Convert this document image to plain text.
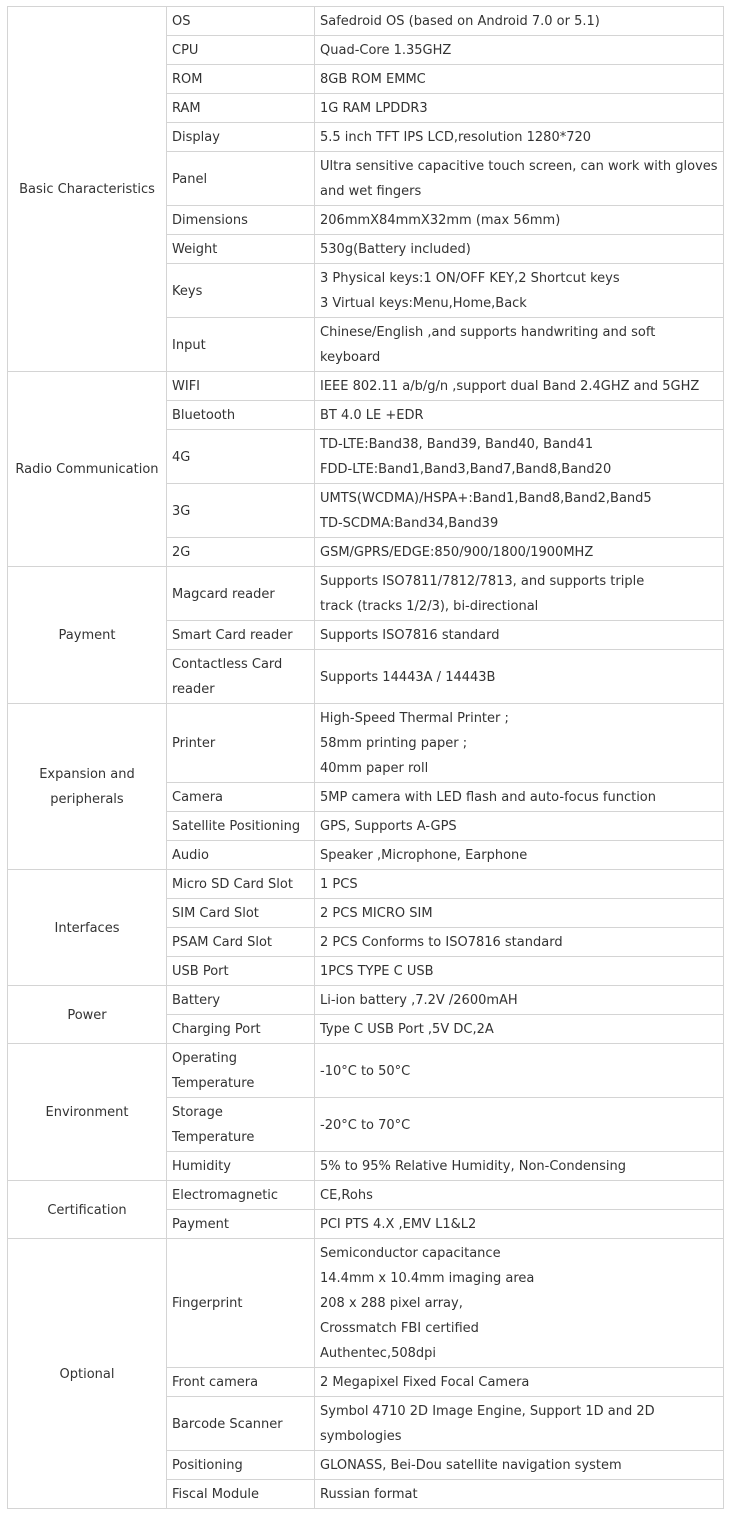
Basic Characteristics	OS	Safedroid OS (based on Android 7.0 or 5.1)

	CPU	Quad-Core 1.35GHZ

	ROM	8GB ROM EMMC

	RAM	1G RAM LPDDR3

	Display	5.5 inch TFT IPS LCD,resolution 1280*720

	Panel	Ultra sensitive capacitive touch screen, can work with gloves
and wet fingers

	Dimensions	206mmX84mmX32mm (max 56mm)

	Weight	530g(Battery included)

	Keys	3 Physical keys:1 ON/OFF KEY,2 Shortcut keys
3 Virtual keys:Menu,Home,Back

	Input	Chinese/English ,and supports handwriting and soft
keyboard

Radio Communication	WIFI	IEEE 802.11 a/b/g/n ,support dual Band 2.4GHZ and 5GHZ

	Bluetooth	BT 4.0 LE +EDR

	4G	TD-LTE:Band38, Band39, Band40, Band41
FDD-LTE:Band1,Band3,Band7,Band8,Band20

	3G	UMTS(WCDMA)/HSPA+:Band1,Band8,Band2,Band5
TD-SCDMA:Band34,Band39

	2G	GSM/GPRS/EDGE:850/900/1800/1900MHZ

Payment	Magcard reader	Supports ISO7811/7812/7813, and supports triple
track (tracks 1/2/3), bi-directional

	Smart Card reader	Supports ISO7816 standard

	Contactless Card reader	Supports 14443A / 14443B

Expansion and peripherals	Printer	High-Speed Thermal Printer ;
58mm printing paper ;
40mm paper roll

	Camera	5MP camera with LED flash and auto-focus function

	Satellite Positioning	GPS, Supports A-GPS

	Audio	Speaker ,Microphone, Earphone

Interfaces	Micro SD Card Slot	1 PCS

	SIM Card Slot	2 PCS MICRO SIM

	PSAM Card Slot	2 PCS Conforms to ISO7816 standard

	USB Port	1PCS TYPE C USB

Power	Battery	Li-ion battery ,7.2V /2600mAH

	Charging Port	Type C USB Port ,5V DC,2A

Environment	Operating Temperature	-10°C to 50°C

	Storage Temperature	-20°C to 70°C

	Humidity	5% to 95% Relative Humidity, Non-Condensing

Certification	Electromagnetic	CE,Rohs

	Payment	PCI PTS 4.X ,EMV L1&L2

Optional	Fingerprint	Semiconductor capacitance
14.4mm x 10.4mm imaging area
208 x 288 pixel array,
Crossmatch FBI certified
Authentec,508dpi

	Front camera	2 Megapixel Fixed Focal Camera

	Barcode Scanner	Symbol 4710 2D Image Engine, Support 1D and 2D
symbologies

	Positioning	GLONASS, Bei-Dou satellite navigation system

	Fiscal Module	Russian format
